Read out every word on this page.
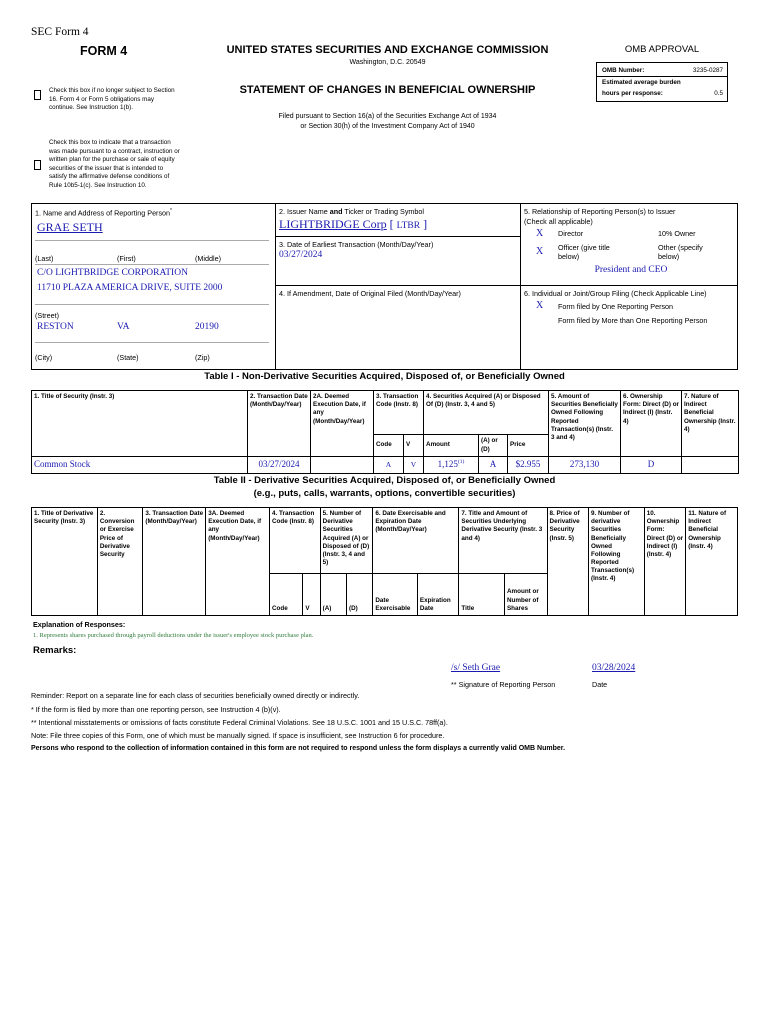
SEC Form 4
FORM 4	UNITED STATES SECURITIES AND EXCHANGE COMMISSION
Washington, D.C. 20549
STATEMENT OF CHANGES IN BENEFICIAL OWNERSHIP
Filed pursuant to Section 16(a) of the Securities Exchange Act of 1934
or Section 30(h) of the Investment Company Act of 1940
Check this box if no longer subject to Section 16. Form 4 or Form 5 obligations may continue. See Instruction 1(b).
Check this box to indicate that a transaction was made pursuant to a contract, instruction or written plan for the purchase or sale of equity securities of the issuer that is intended to satisfy the affirmative defense conditions of Rule 10b5-1(c). See Instruction 10.
OMB APPROVAL
OMB Number:	3235-0287
Estimated average burden
hours per response:	0.5
1. Name and Address of Reporting Person*
GRAE SETH
(Last)	(First)	(Middle)
C/O LIGHTBRIDGE CORPORATION
11710 PLAZA AMERICA DRIVE, SUITE 2000
(Street)
RESTON	VA	20190
(City)	(State)	(Zip)
2. Issuer Name and Ticker or Trading Symbol
LIGHTBRIDGE Corp [ LTBR ]
3. Date of Earliest Transaction (Month/Day/Year)
03/27/2024
4. If Amendment, Date of Original Filed (Month/Day/Year)
5. Relationship of Reporting Person(s) to Issuer
(Check all applicable)
X Director	10% Owner
X Officer (give title below)
Other (specify below)
President and CEO
6. Individual or Joint/Group Filing (Check Applicable Line)
X Form filed by One Reporting Person
Form filed by More than One Reporting Person
Table I - Non-Derivative Securities Acquired, Disposed of, or Beneficially Owned
1. Title of Security (Instr. 3)	2. Transaction Date (Month/Day/Year)	2A. Deemed Execution Date, if any (Month/Day/Year)	3. Transaction Code (Instr. 8)		4. Securities Acquired (A) or Disposed Of (D) (Instr. 3, 4 and 5)			5. Amount of Securities Beneficially Owned Following Reported Transaction(s) (Instr. 3 and 4)	6. Ownership Form: Direct (D) or Indirect (I) (Instr. 4)	7. Nature of Indirect Beneficial Ownership (Instr. 4)
			Code	V	Amount	(A) or (D)	Price			
Common Stock	03/27/2024		A	V	1,125$^{(1)}$	A	$2.955	273,130	D	
Table II - Derivative Securities Acquired, Disposed of, or Beneficially Owned
(e.g., puts, calls, warrants, options, convertible securities)
1. Title of Derivative Security (Instr. 3)	2. Conversion or Exercise Price of Derivative Security	3. Transaction Date (Month/Day/Year)	3A. Deemed Execution Date, if any (Month/Day/Year)	4. Transaction Code (Instr. 8)		5. Number of Derivative Securities Acquired (A) or Disposed of (D) (Instr. 3, 4 and 5)		6. Date Exercisable and Expiration Date (Month/Day/Year)		7. Title and Amount of Securities Underlying Derivative Security (Instr. 3 and 4)		8. Price of Derivative Security (Instr. 5)	9. Number of derivative Securities Beneficially Owned Following Reported Transaction(s) (Instr. 4)	10. Ownership Form: Direct (D) or Indirect (I) (Instr. 4)	11. Nature of Indirect Beneficial Ownership (Instr. 4)
				Code	V	(A)	(D)	Date Exercisable	Expiration Date	Title	Amount or Number of Shares				
Explanation of Responses:
1. Represents shares purchased through payroll deductions under the issuer's employee stock purchase plan.
Remarks:
/s/ Seth Grae	03/28/2024
** Signature of Reporting Person	Date
Reminder: Report on a separate line for each class of securities beneficially owned directly or indirectly.
* If the form is filed by more than one reporting person, see Instruction 4 (b)(v).
** Intentional misstatements or omissions of facts constitute Federal Criminal Violations. See 18 U.S.C. 1001 and 15 U.S.C. 78ff(a).
Note: File three copies of this Form, one of which must be manually signed. If space is insufficient, see Instruction 6 for procedure.
Persons who respond to the collection of information contained in this form are not required to respond unless the form displays a currently valid OMB Number.
